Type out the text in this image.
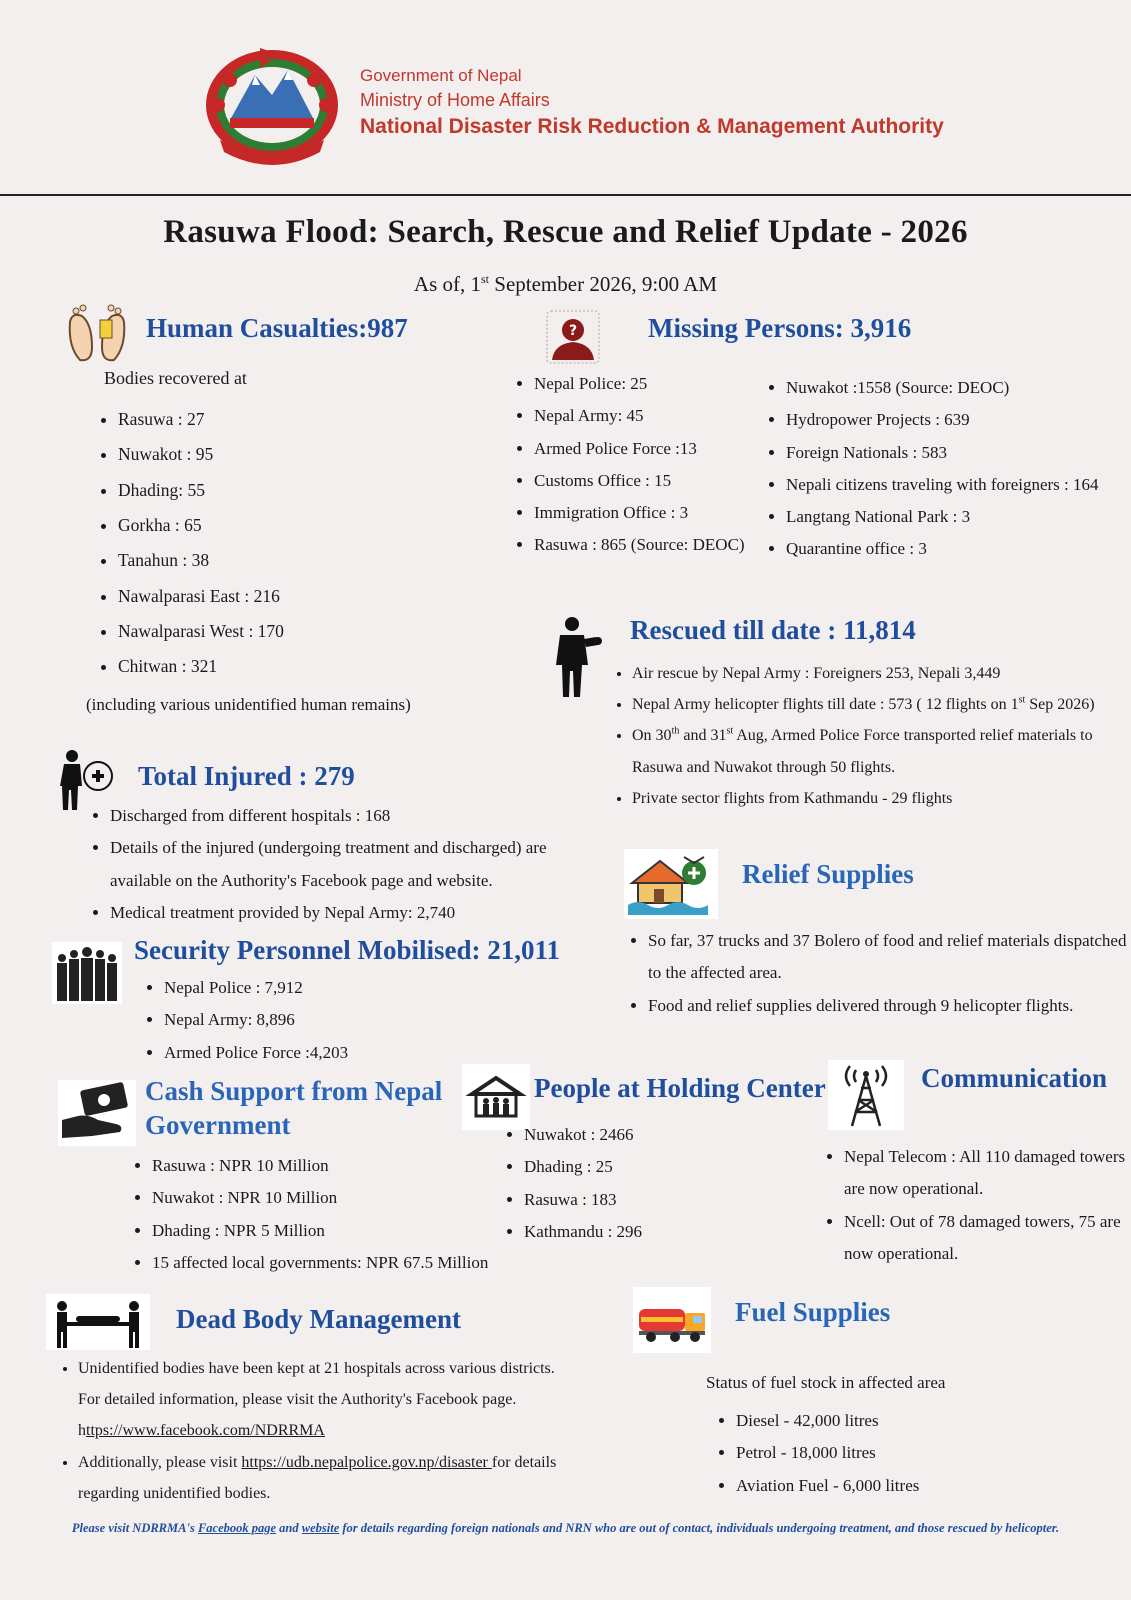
Government of Nepal
Ministry of Home Affairs
National Disaster Risk Reduction & Management Authority
Rasuwa Flood: Search, Rescue and Relief Update - 2026
As of, 1st September 2026, 9:00 AM
Human Casualties:987
Bodies recovered at
• Rasuwa : 27
• Nuwakot : 95
• Dhading: 55
• Gorkha : 65
• Tanahun : 38
• Nawalparasi East : 216
• Nawalparasi West : 170
• Chitwan : 321
(including various unidentified human remains)
?	Missing Persons: 3,916
• Nepal Police: 25
• Nepal Army: 45
• Armed Police Force :13
• Customs Office : 15
• Immigration Office : 3
• Rasuwa : 865 (Source: DEOC)
• Nuwakot :1558 (Source: DEOC)
• Hydropower Projects : 639
• Foreign Nationals : 583
• Nepali citizens traveling with foreigners : 164
• Langtang National Park : 3
• Quarantine office : 3
Rescued till date : 11,814
• Air rescue by Nepal Army : Foreigners 253, Nepali 3,449
• Nepal Army helicopter flights till date : 573 ( 12 flights on 1st Sep 2026)
• On 30th and 31st Aug, Armed Police Force transported relief materials to Rasuwa and Nuwakot through 50 flights.
• Private sector flights from Kathmandu - 29 flights
Total Injured : 279
• Discharged from different hospitals : 168
• Details of the injured (undergoing treatment and discharged) are available on the Authority's Facebook page and website.
• Medical treatment provided by Nepal Army: 2,740
Relief Supplies
• So far, 37 trucks and 37 Bolero of food and relief materials dispatched to the affected area.
• Food and relief supplies delivered through 9 helicopter flights.
Security Personnel Mobilised: 21,011
• Nepal Police : 7,912
• Nepal Army: 8,896
• Armed Police Force :4,203
Cash Support from Nepal Government
• Rasuwa : NPR 10 Million
• Nuwakot : NPR 10 Million
• Dhading : NPR 5 Million
• 15 affected local governments: NPR 67.5 Million
People at Holding Center
• Nuwakot : 2466
• Dhading : 25
• Rasuwa : 183
• Kathmandu : 296
Communication
• Nepal Telecom : All 110 damaged towers are now operational.
• Ncell: Out of 78 damaged towers, 75 are now operational.
Dead Body Management
• Unidentified bodies have been kept at 21 hospitals across various districts. For detailed information, please visit the Authority's Facebook page. https://www.facebook.com/NDRRMA
• Additionally, please visit https://udb.nepalpolice.gov.np/disaster for details regarding unidentified bodies.
Fuel Supplies
Status of fuel stock in affected area
• Diesel - 42,000 litres
• Petrol - 18,000 litres
• Aviation Fuel - 6,000 litres
Please visit NDRRMA's Facebook page and website for details regarding foreign nationals and NRN who are out of contact, individuals undergoing treatment, and those rescued by helicopter.
